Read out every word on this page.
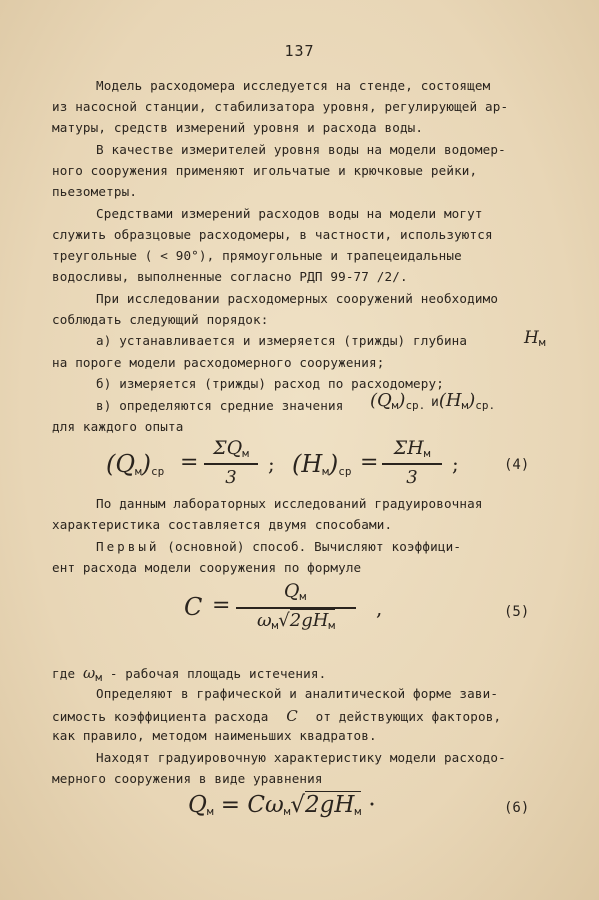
137
Модель расходомера исследуется на стенде, состоящем
из насосной станции, стабилизатора уровня, регулирующей ар-
матуры, средств измерений уровня и расхода воды.
В качестве измерителей уровня воды на модели водомер-
ного сооружения применяют игольчатые и крючковые рейки,
пьезометры.
Средствами измерений расходов воды на модели могут
служить образцовые расходомеры, в частности, используются
треугольные ( < 90°), прямоугольные и трапецеидальные
водосливы, выполненные согласно РДП 99-77 /2/.
При исследовании расходомерных сооружений необходимо
соблюдать следующий порядок:
а) устанавливается и измеряется (трижды) глубина	$H_м$
на пороге модели расходомерного сооружения;
б) измеряется (трижды) расход по расходомеру;
в) определяются средние значения $(Q_м)_{ср.}$ $и(H_м)_{ср.}$
для каждого опыта
$(Q_м)_{ср}$ =
$\Sigma Q_м$
3
; $(H_м)_{ср}$ =
$\Sigma H_м$
3
;	(4)
По данным лабораторных исследований градуировочная
характеристика составляется двумя способами.
Первый (основной) способ. Вычисляют коэффици-
ент расхода модели сооружения по формуле
C =
$Q_м$
$\omega_м√2gH_м$
,	(5)
где $\omega_м$ - рабочая площадь истечения.
Определяют в графической и аналитической форме зави-
симость коэффициента расхода C от действующих факторов,
как правило, методом наименьших квадратов.
Находят градуировочную характеристику модели расходо-
мерного сооружения в виде уравнения
$Q_м = C\omega_м√2gH_м$ ·	(6)
